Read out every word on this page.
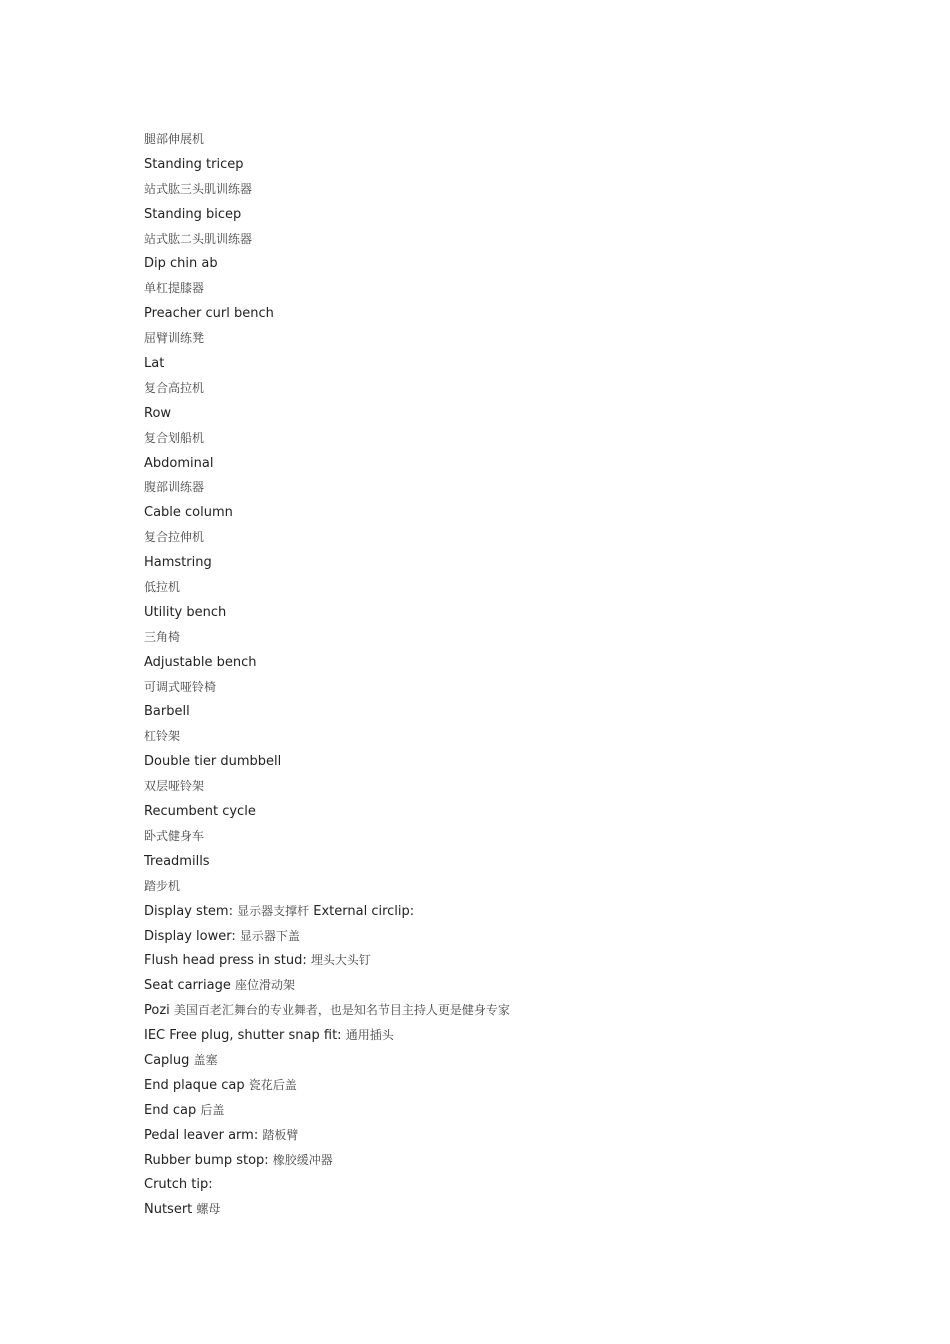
腿部伸展机
Standing tricep
站式肱三头肌训练器
Standing bicep
站式肱二头肌训练器
Dip chin ab
单杠提膝器
Preacher curl bench
屈臂训练凳
Lat
复合高拉机
Row
复合划船机
Abdominal
腹部训练器
Cable column
复合拉伸机
Hamstring
低拉机
Utility bench
三角椅
Adjustable bench
可调式哑铃椅
Barbell
杠铃架
Double tier dumbbell
双层哑铃架
Recumbent cycle
卧式健身车
Treadmills
踏步机
Display stem: 显示器支撑杆 External circlip:
Display lower: 显示器下盖
Flush head press in stud: 埋头大头钉
Seat carriage 座位滑动架
Pozi 美国百老汇舞台的专业舞者，也是知名节目主持人更是健身专家
IEC Free plug, shutter snap fit: 通用插头
Caplug 盖塞
End plaque cap 瓷花后盖
End cap 后盖
Pedal leaver arm: 踏板臂
Rubber bump stop: 橡胶缓冲器
Crutch tip:
Nutsert 螺母
